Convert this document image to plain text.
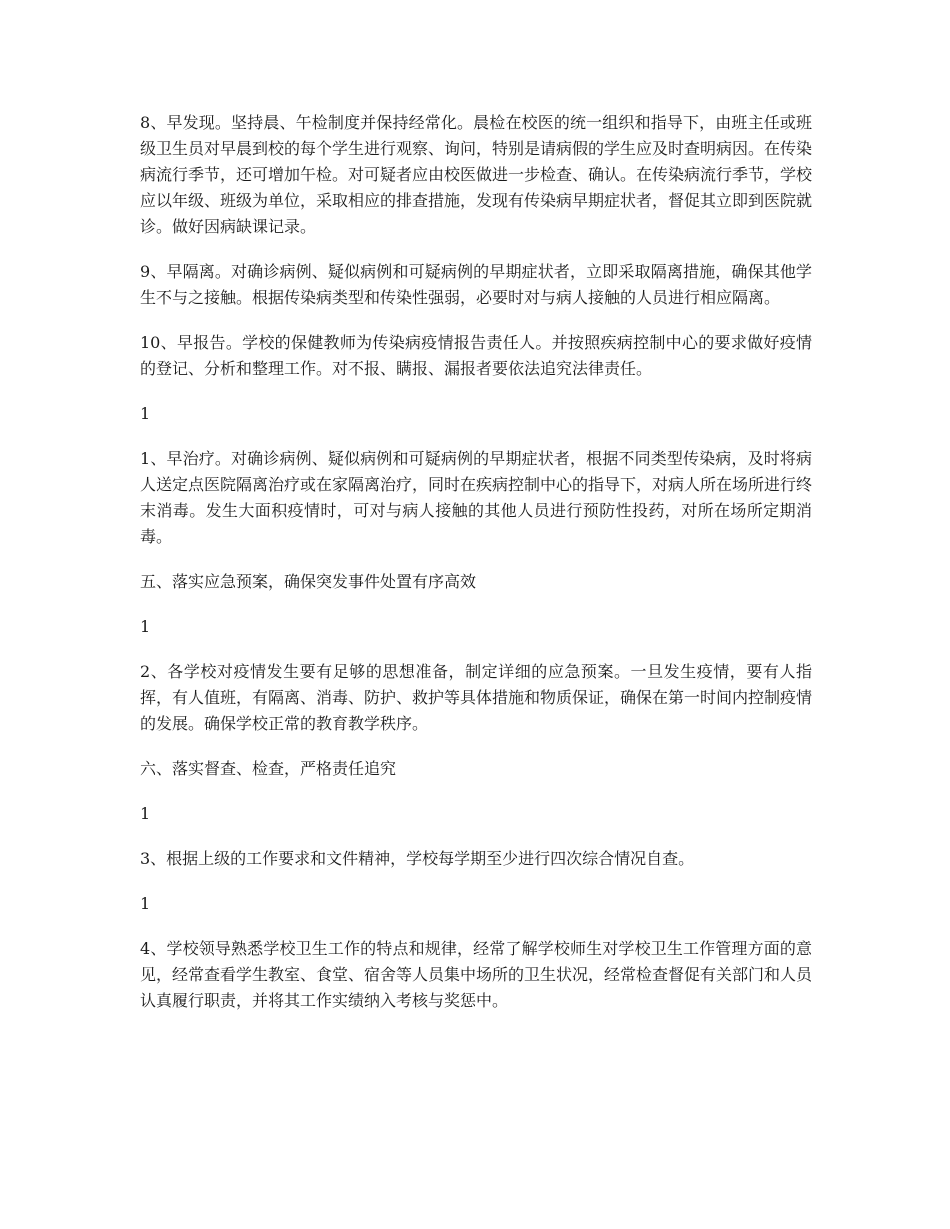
8、早发现。坚持晨、午检制度并保持经常化。晨检在校医的统一组织和指导下，由班主任或班级卫生员对早晨到校的每个学生进行观察、询问，特别是请病假的学生应及时查明病因。在传染病流行季节，还可增加午检。对可疑者应由校医做进一步检查、确认。在传染病流行季节，学校应以年级、班级为单位，采取相应的排查措施，发现有传染病早期症状者，督促其立即到医院就诊。做好因病缺课记录。

9、早隔离。对确诊病例、疑似病例和可疑病例的早期症状者，立即采取隔离措施，确保其他学生不与之接触。根据传染病类型和传染性强弱，必要时对与病人接触的人员进行相应隔离。

10、早报告。学校的保健教师为传染病疫情报告责任人。并按照疾病控制中心的要求做好疫情的登记、分析和整理工作。对不报、瞒报、漏报者要依法追究法律责任。

1

1、早治疗。对确诊病例、疑似病例和可疑病例的早期症状者，根据不同类型传染病，及时将病人送定点医院隔离治疗或在家隔离治疗，同时在疾病控制中心的指导下，对病人所在场所进行终末消毒。发生大面积疫情时，可对与病人接触的其他人员进行预防性投药，对所在场所定期消毒。

五、落实应急预案，确保突发事件处置有序高效

1

2、各学校对疫情发生要有足够的思想准备，制定详细的应急预案。一旦发生疫情，要有人指挥，有人值班，有隔离、消毒、防护、救护等具体措施和物质保证，确保在第一时间内控制疫情的发展。确保学校正常的教育教学秩序。

六、落实督查、检查，严格责任追究

1

3、根据上级的工作要求和文件精神，学校每学期至少进行四次综合情况自查。

1

4、学校领导熟悉学校卫生工作的特点和规律，经常了解学校师生对学校卫生工作管理方面的意见，经常查看学生教室、食堂、宿舍等人员集中场所的卫生状况，经常检查督促有关部门和人员认真履行职责，并将其工作实绩纳入考核与奖惩中。
